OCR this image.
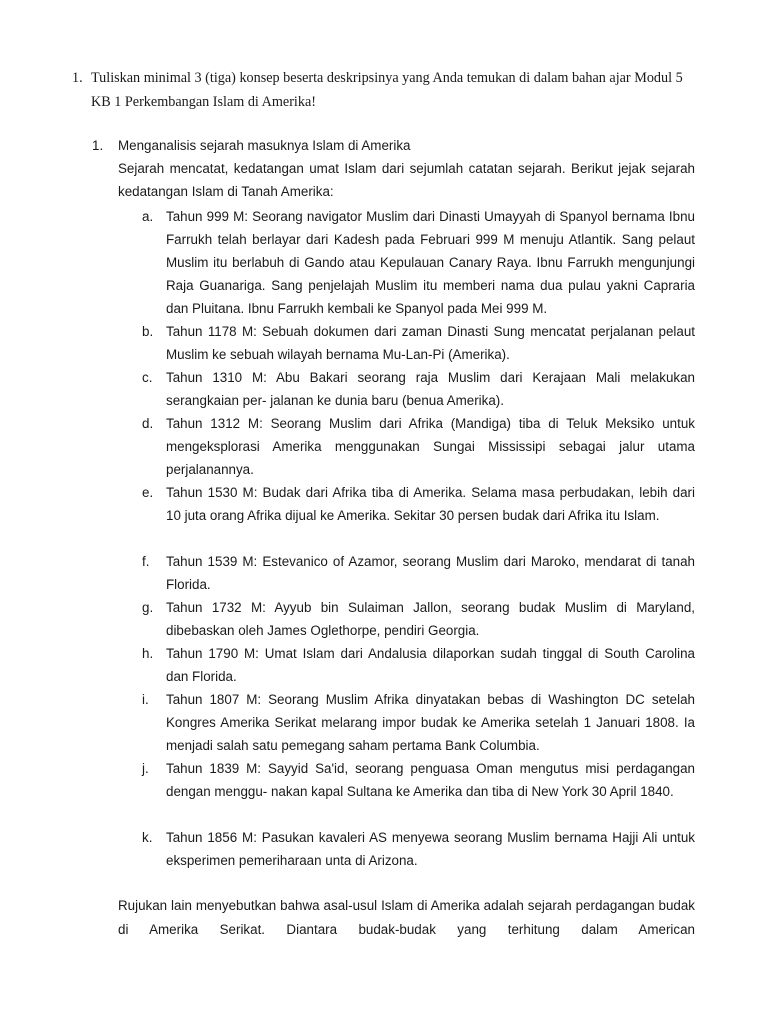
1. Tuliskan minimal 3 (tiga) konsep beserta deskripsinya yang Anda temukan di dalam bahan ajar Modul 5 KB 1 Perkembangan Islam di Amerika!
1. Menganalisis sejarah masuknya Islam di Amerika
Sejarah mencatat, kedatangan umat Islam dari sejumlah catatan sejarah. Berikut jejak sejarah kedatangan Islam di Tanah Amerika:
a. Tahun 999 M: Seorang navigator Muslim dari Dinasti Umayyah di Spanyol bernama Ibnu Farrukh telah berlayar dari Kadesh pada Februari 999 M menuju Atlantik. Sang pelaut Muslim itu berlabuh di Gando atau Kepulauan Canary Raya. Ibnu Farrukh mengunjungi Raja Guanariga. Sang penjelajah Muslim itu memberi nama dua pulau yakni Capraria dan Pluitana. Ibnu Farrukh kembali ke Spanyol pada Mei 999 M.
b. Tahun 1178 M: Sebuah dokumen dari zaman Dinasti Sung mencatat perjalanan pelaut Muslim ke sebuah wilayah bernama Mu-Lan-Pi (Amerika).
c. Tahun 1310 M: Abu Bakari seorang raja Muslim dari Kerajaan Mali melakukan serangkaian per- jalanan ke dunia baru (benua Amerika).
d. Tahun 1312 M: Seorang Muslim dari Afrika (Mandiga) tiba di Teluk Meksiko untuk mengeksplorasi Amerika menggunakan Sungai Mississipi sebagai jalur utama perjalanannya.
e. Tahun 1530 M: Budak dari Afrika tiba di Amerika. Selama masa perbudakan, lebih dari 10 juta orang Afrika dijual ke Amerika. Sekitar 30 persen budak dari Afrika itu Islam.
f. Tahun 1539 M: Estevanico of Azamor, seorang Muslim dari Maroko, mendarat di tanah Florida.
g. Tahun 1732 M: Ayyub bin Sulaiman Jallon, seorang budak Muslim di Maryland, dibebaskan oleh James Oglethorpe, pendiri Georgia.
h. Tahun 1790 M: Umat Islam dari Andalusia dilaporkan sudah tinggal di South Carolina dan Florida.
i. Tahun 1807 M: Seorang Muslim Afrika dinyatakan bebas di Washington DC setelah Kongres Amerika Serikat melarang impor budak ke Amerika setelah 1 Januari 1808. Ia menjadi salah satu pemegang saham pertama Bank Columbia.
j. Tahun 1839 M: Sayyid Sa'id, seorang penguasa Oman mengutus misi perdagangan dengan menggu- nakan kapal Sultana ke Amerika dan tiba di New York 30 April 1840.
k. Tahun 1856 M: Pasukan kavaleri AS menyewa seorang Muslim bernama Hajji Ali untuk eksperimen pemeriharaan unta di Arizona.
Rujukan lain menyebutkan bahwa asal-usul Islam di Amerika adalah sejarah perdagangan budak di Amerika Serikat. Diantara budak-budak yang terhitung dalam American
